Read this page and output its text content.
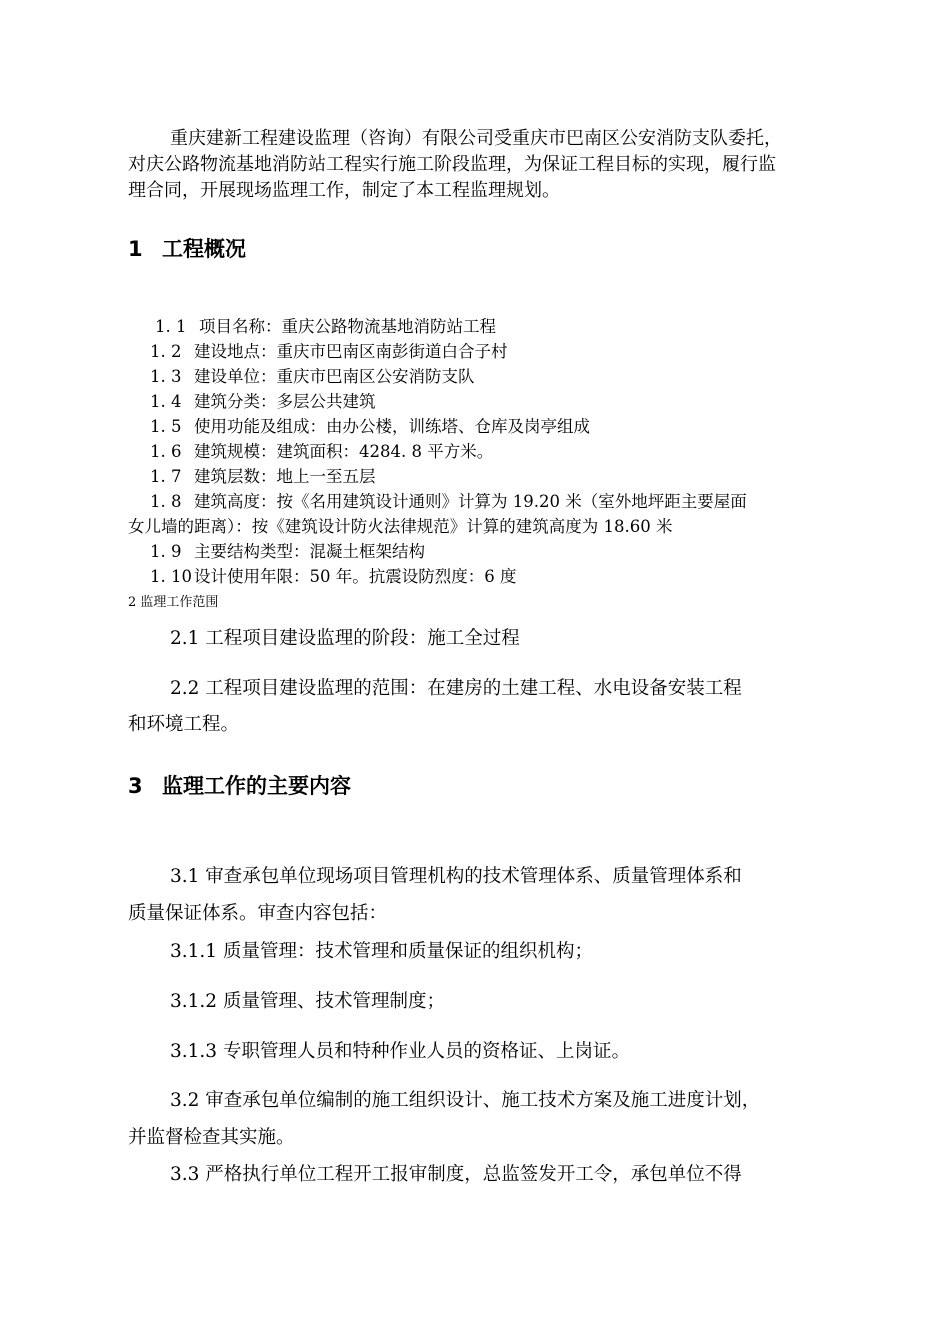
重庆建新工程建设监理（咨询）有限公司受重庆市巴南区公安消防支队委托，
对庆公路物流基地消防站工程实行施工阶段监理，为保证工程目标的实现，履行监
理合同，开展现场监理工作，制定了本工程监理规划。
1 工程概况
1. 1 项目名称：重庆公路物流基地消防站工程
1. 2 建设地点：重庆市巴南区南彭街道白合子村
1. 3 建设单位：重庆市巴南区公安消防支队
1. 4 建筑分类：多层公共建筑
1. 5 使用功能及组成：由办公楼，训练塔、仓库及岗亭组成
1. 6 建筑规模：建筑面积：4284. 8 平方米。
1. 7 建筑层数：地上一至五层
1. 8 建筑高度：按《名用建筑设计通则》计算为 19.20 米（室外地坪距主要屋面
女儿墙的距离）：按《建筑设计防火法律规范》计算的建筑高度为 18.60 米
1. 9 主要结构类型：混凝土框架结构
1. 10 设计使用年限：50 年。抗震设防烈度：6 度
2 监理工作范围
2.1 工程项目建设监理的阶段：施工全过程
2.2 工程项目建设监理的范围：在建房的土建工程、水电设备安装工程
和环境工程。
3 监理工作的主要内容
3.1 审查承包单位现场项目管理机构的技术管理体系、质量管理体系和
质量保证体系。审查内容包括：
3.1.1 质量管理：技术管理和质量保证的组织机构；
3.1.2 质量管理、技术管理制度；
3.1.3 专职管理人员和特种作业人员的资格证、上岗证。
3.2 审查承包单位编制的施工组织设计、施工技术方案及施工进度计划，
并监督检查其实施。
3.3 严格执行单位工程开工报审制度，总监签发开工令，承包单位不得
